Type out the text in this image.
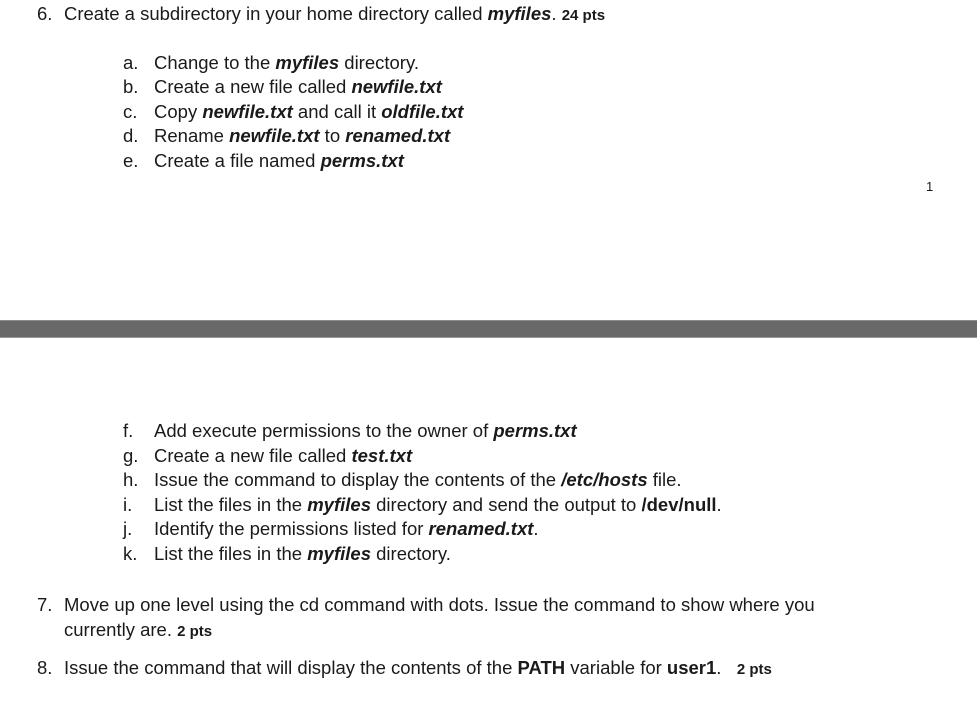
6. Create a subdirectory in your home directory called myfiles. 24 pts
a. Change to the myfiles directory.
b. Create a new file called newfile.txt
c. Copy newfile.txt and call it oldfile.txt
d. Rename newfile.txt to renamed.txt
e. Create a file named perms.txt
1
f. Add execute permissions to the owner of perms.txt
g. Create a new file called test.txt
h. Issue the command to display the contents of the /etc/hosts file.
i. List the files in the myfiles directory and send the output to /dev/null.
j. Identify the permissions listed for renamed.txt.
k. List the files in the myfiles directory.
7. Move up one level using the cd command with dots. Issue the command to show where you
currently are. 2 pts
8. Issue the command that will display the contents of the PATH variable for user1. 2 pts
